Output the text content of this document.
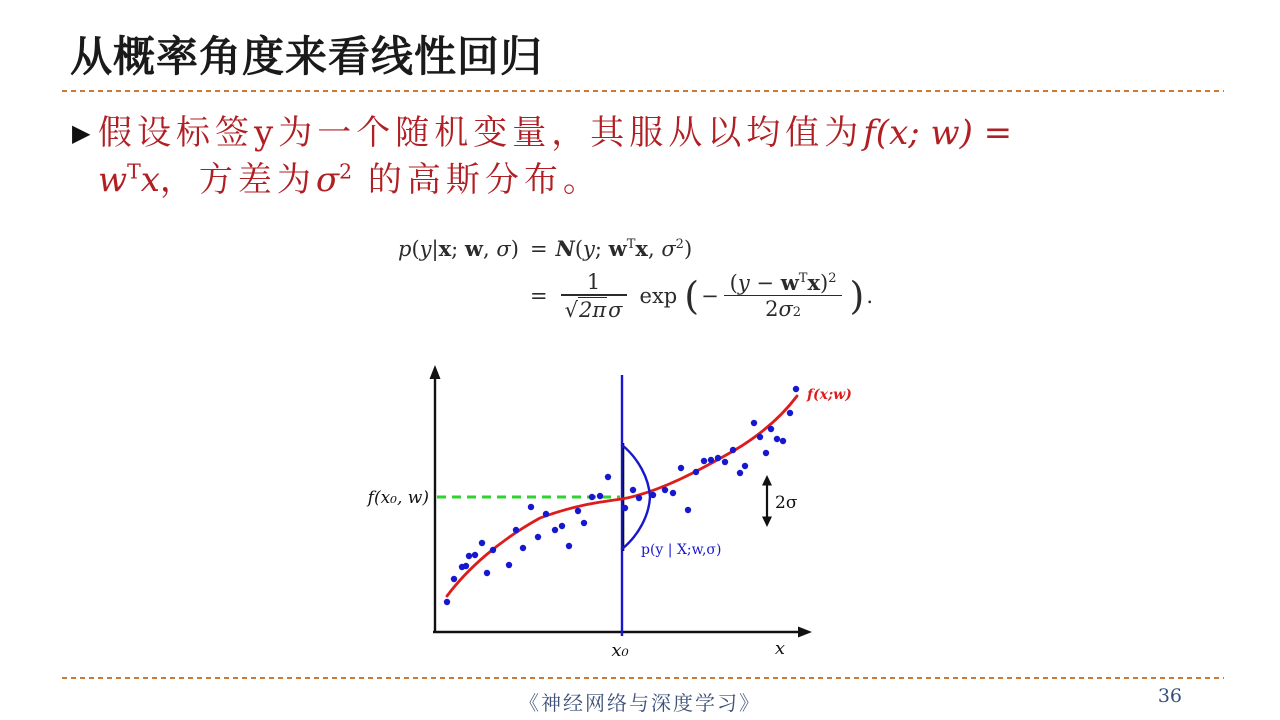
从概率角度来看线性回归
▶ 假设标签y为一个随机变量，其服从以均值为f(x; w) =
$w^Tx$，方差为$\sigma^2$ 的高斯分布。
p(y|x; w, σ) = N(y; $w^Tx$, $\sigma^2$)
= $\frac{1}{\text{√ 2π σ}}$ exp ( − $\frac{(y - w^Tx)^2}{2 \sigma_2}$ ) .
f(x₀, w)
x₀	x
f(x;w)
p(y | X;w,σ)
2σ
《神经网络与深度学习》	36
